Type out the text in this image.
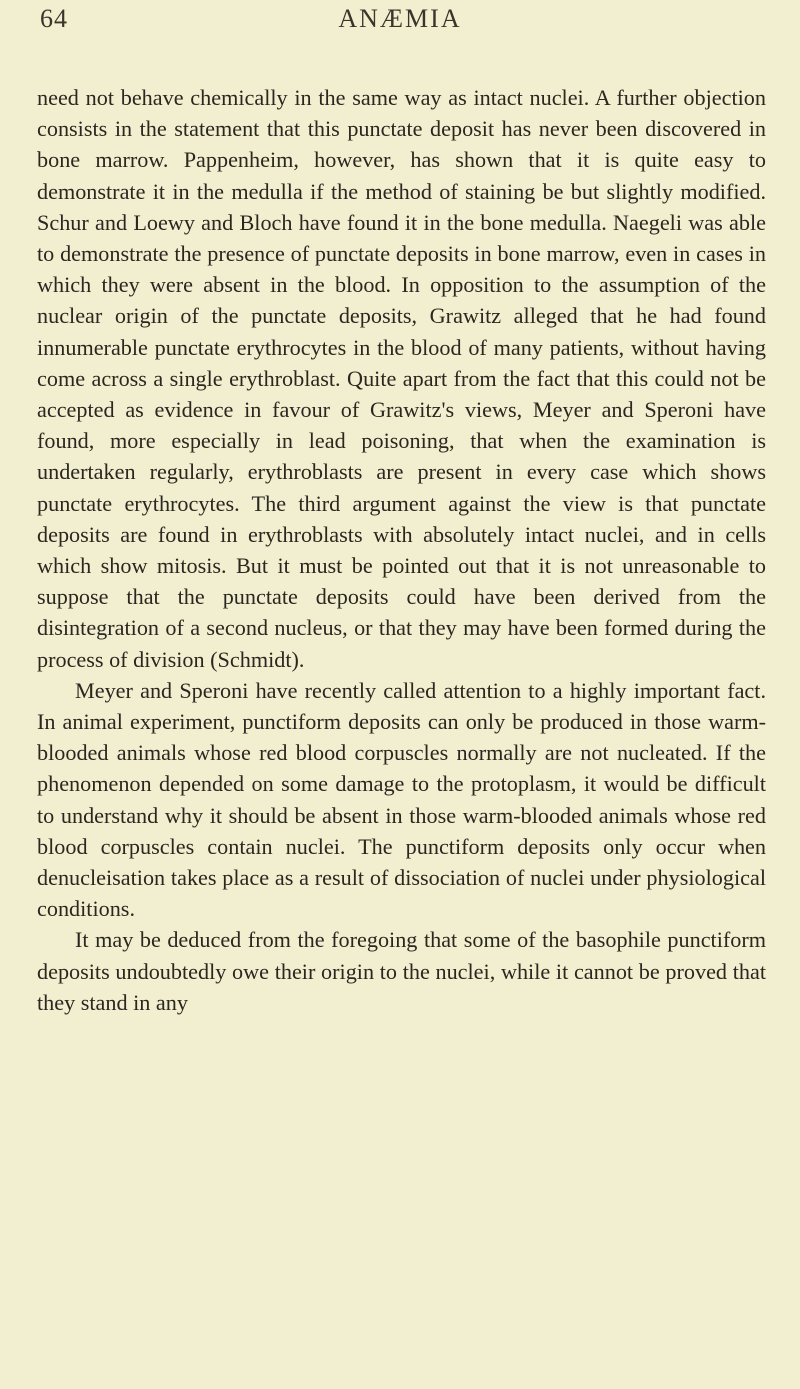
64	ANÆMIA

need not behave chemically in the same way as intact nuclei. A further objection consists in the statement that this punctate deposit has never been discovered in bone marrow. Pappenheim, however, has shown that it is quite easy to demonstrate it in the medulla if the method of staining be but slightly modified. Schur and Loewy and Bloch have found it in the bone medulla. Naegeli was able to demonstrate the presence of punctate deposits in bone marrow, even in cases in which they were absent in the blood. In opposition to the assumption of the nuclear origin of the punctate deposits, Grawitz alleged that he had found innumerable punctate erythrocytes in the blood of many patients, without having come across a single erythroblast. Quite apart from the fact that this could not be accepted as evidence in favour of Grawitz's views, Meyer and Speroni have found, more especially in lead poisoning, that when the examination is undertaken regularly, erythroblasts are present in every case which shows punctate erythrocytes. The third argument against the view is that punctate deposits are found in erythroblasts with absolutely intact nuclei, and in cells which show mitosis. But it must be pointed out that it is not unreasonable to suppose that the punctate deposits could have been derived from the disintegration of a second nucleus, or that they may have been formed during the process of division (Schmidt).

Meyer and Speroni have recently called attention to a highly important fact. In animal experiment, punctiform deposits can only be produced in those warm-blooded animals whose red blood corpuscles normally are not nucleated. If the phenomenon depended on some damage to the protoplasm, it would be difficult to understand why it should be absent in those warm-blooded animals whose red blood corpuscles contain nuclei. The punctiform deposits only occur when denucleisation takes place as a result of dissociation of nuclei under physiological conditions.

It may be deduced from the foregoing that some of the basophile punctiform deposits undoubtedly owe their origin to the nuclei, while it cannot be proved that they stand in any
